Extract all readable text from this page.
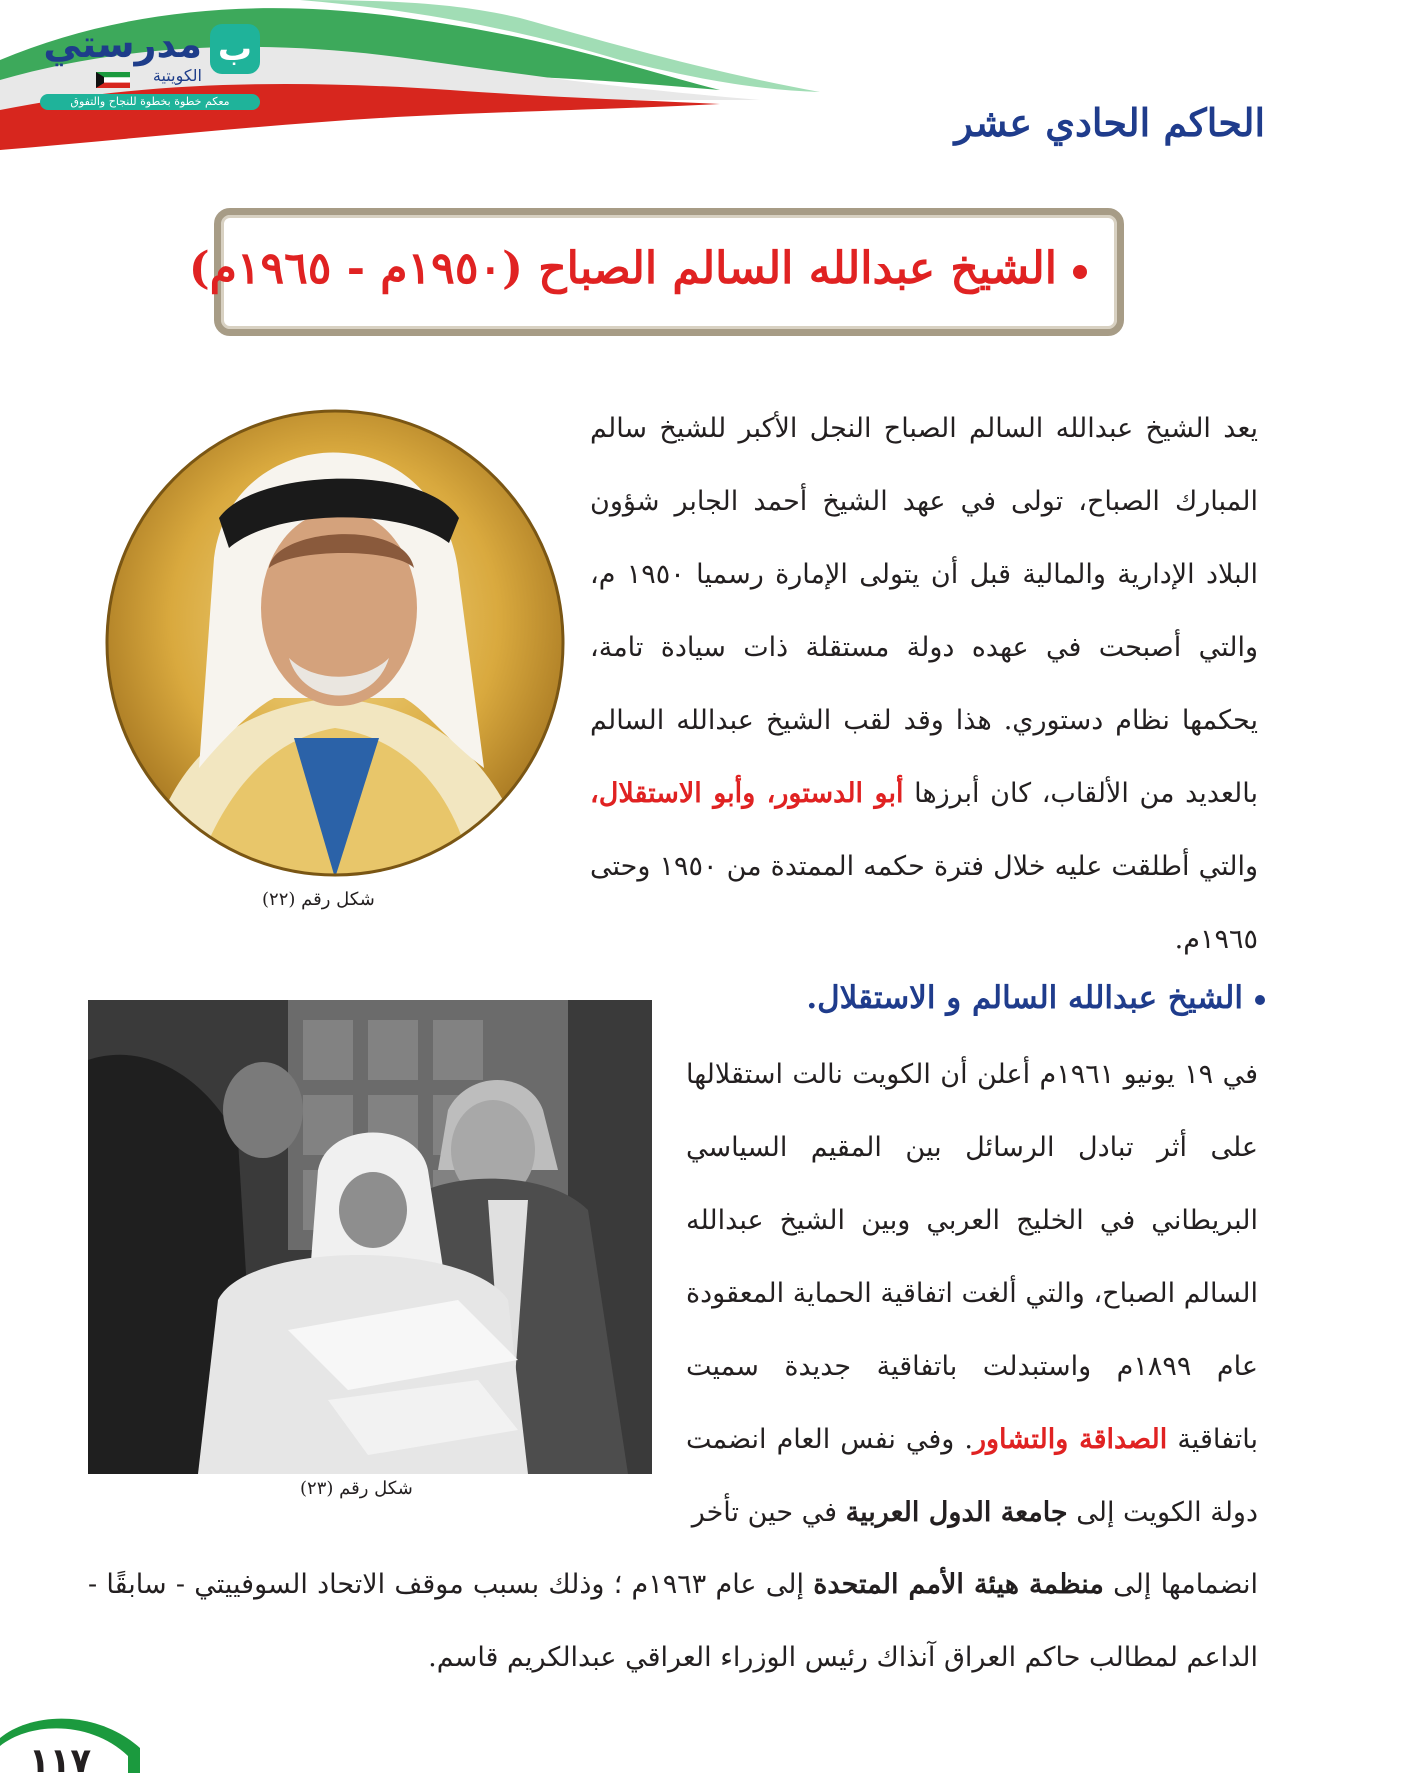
ب
مدرستي
الكويتية
معكم خطوة بخطوة للنجاح والتفوق	الحاكم الحادي عشر
الشيخ عبدالله السالم الصباح (١٩٥٠م - ١٩٦٥م)
شكل رقم (٢٢)

يعد الشيخ عبدالله السالم الصباح النجل الأكبر للشيخ سالم المبارك الصباح، تولى في عهد الشيخ أحمد الجابر شؤون البلاد الإدارية والمالية قبل أن يتولى الإمارة رسميا ١٩٥٠ م، والتي أصبحت في عهده دولة مستقلة ذات سيادة تامة، يحكمها نظام دستوري. هذا وقد لقب الشيخ عبدالله السالم بالعديد من الألقاب، كان أبرزها أبو الدستور، وأبو الاستقلال، والتي أطلقت عليه خلال فترة حكمه الممتدة من ١٩٥٠ وحتى ١٩٦٥م.

الشيخ عبدالله السالم و الاستقلال.
شكل رقم (٢٣)

في ١٩ يونيو ١٩٦١م أعلن أن الكويت نالت استقلالها على أثر تبادل الرسائل بين المقيم السياسي البريطاني في الخليج العربي وبين الشيخ عبدالله السالم الصباح، والتي ألغت اتفاقية الحماية المعقودة عام ١٨٩٩م واستبدلت باتفاقية جديدة سميت باتفاقية الصداقة والتشاور. وفي نفس العام انضمت دولة الكويت إلى جامعة الدول العربية في حين تأخر

انضمامها إلى منظمة هيئة الأمم المتحدة إلى عام ١٩٦٣م ؛ وذلك بسبب موقف الاتحاد السوفييتي - سابقًا - الداعم لمطالب حاكم العراق آنذاك رئيس الوزراء العراقي عبدالكريم قاسم.

١١٧
